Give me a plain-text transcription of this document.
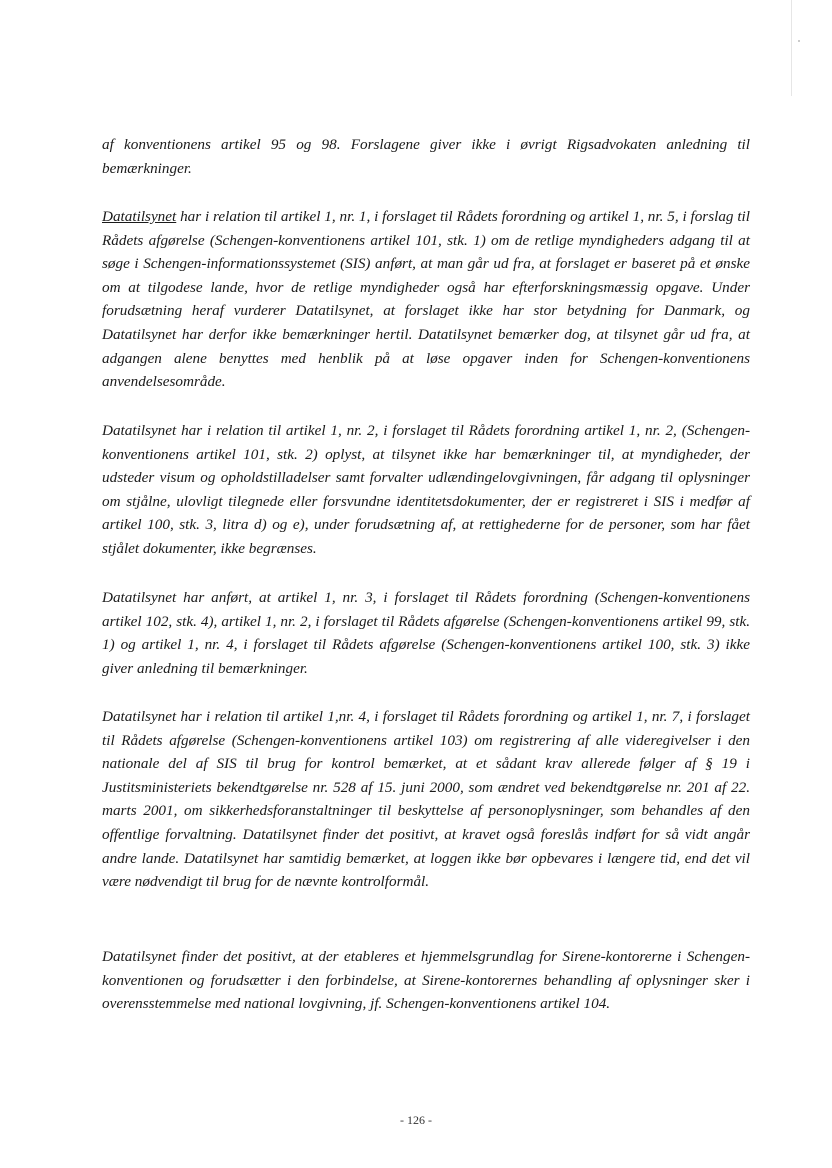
af konventionens artikel 95 og 98. Forslagene giver ikke i øvrigt Rigsadvokaten anledning til bemærkninger.

Datatilsynet har i relation til artikel 1, nr. 1, i forslaget til Rådets forordning og artikel 1, nr. 5, i forslag til Rådets afgørelse (Schengen-konventionens artikel 101, stk. 1) om de retlige myndigheders adgang til at søge i Schengen-informationssystemet (SIS) anført, at man går ud fra, at forslaget er baseret på et ønske om at tilgodese lande, hvor de retlige myndigheder også har efterforskningsmæssig opgave. Under forudsætning heraf vurderer Datatilsynet, at forslaget ikke har stor betydning for Danmark, og Datatilsynet har derfor ikke bemærkninger hertil. Datatilsynet bemærker dog, at tilsynet går ud fra, at adgangen alene benyttes med henblik på at løse opgaver inden for Schengen-konventionens anvendelsesområde.

Datatilsynet har i relation til artikel 1, nr. 2, i forslaget til Rådets forordning artikel 1, nr. 2, (Schengen-konventionens artikel 101, stk. 2) oplyst, at tilsynet ikke har bemærkninger til, at myndigheder, der udsteder visum og opholdstilladelser samt forvalter udlændingelovgivningen, får adgang til oplysninger om stjålne, ulovligt tilegnede eller forsvundne identitetsdokumenter, der er registreret i SIS i medfør af artikel 100, stk. 3, litra d) og e), under forudsætning af, at rettighederne for de personer, som har fået stjålet dokumenter, ikke begrænses.

Datatilsynet har anført, at artikel 1, nr. 3, i forslaget til Rådets forordning (Schengen-konventionens artikel 102, stk. 4), artikel 1, nr. 2, i forslaget til Rådets afgørelse (Schengen-konventionens artikel 99, stk. 1) og artikel 1, nr. 4, i forslaget til Rådets afgørelse (Schengen-konventionens artikel 100, stk. 3) ikke giver anledning til bemærkninger.

Datatilsynet har i relation til artikel 1,nr. 4, i forslaget til Rådets forordning og artikel 1, nr. 7, i forslaget til Rådets afgørelse (Schengen-konventionens artikel 103) om registrering af alle videregivelser i den nationale del af SIS til brug for kontrol bemærket, at et sådant krav allerede følger af § 19 i Justitsministeriets bekendtgørelse nr. 528 af 15. juni 2000, som ændret ved bekendtgørelse nr. 201 af 22. marts 2001, om sikkerhedsforanstaltninger til beskyttelse af personoplysninger, som behandles af den offentlige forvaltning. Datatilsynet finder det positivt, at kravet også foreslås indført for så vidt angår andre lande. Datatilsynet har samtidig bemærket, at loggen ikke bør opbevares i længere tid, end det vil være nødvendigt til brug for de nævnte kontrolformål.

Datatilsynet finder det positivt, at der etableres et hjemmelsgrundlag for Sirene-kontorerne i Schengen-konventionen og forudsætter i den forbindelse, at Sirene-kontorernes behandling af oplysninger sker i overensstemmelse med national lovgivning, jf. Schengen-konventionens artikel 104.

- 126 -
